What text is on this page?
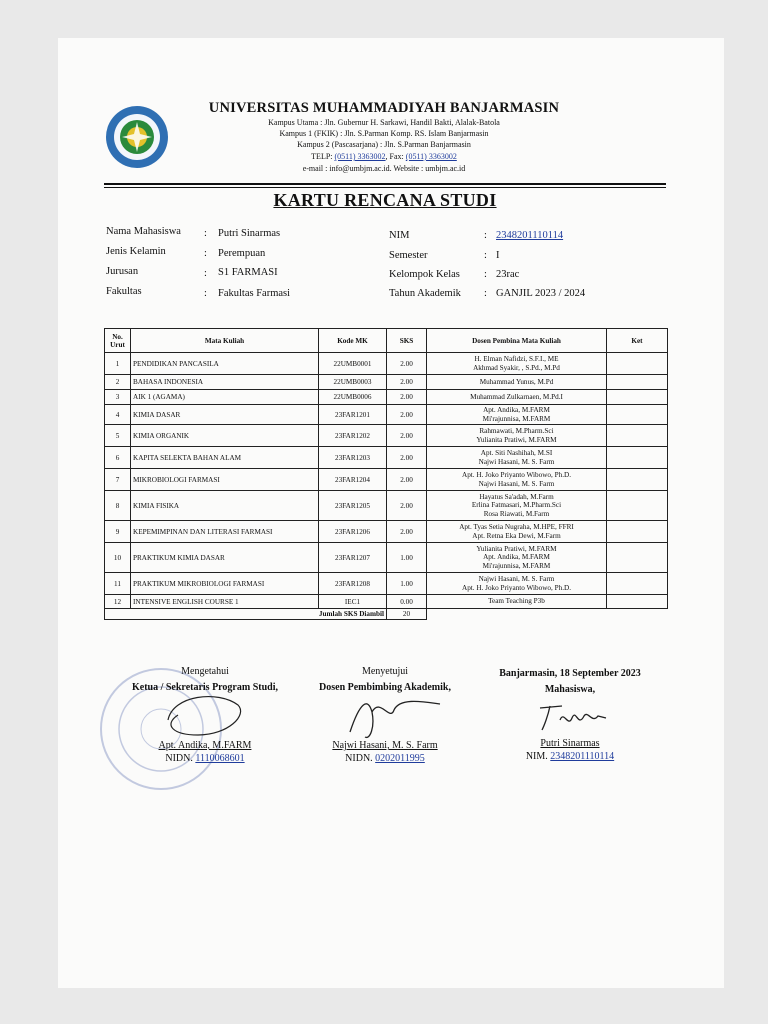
UNIVERSITAS MUHAMMADIYAH BANJARMASIN
Kampus Utama : Jln. Gubernur H. Sarkawi, Handil Bakti, Alalak-Batola
Kampus 1 (FKIK) : Jln. S.Parman Komp. RS. Islam Banjarmasin
Kampus 2 (Pascasarjana) : Jln. S.Parman Banjarmasin
TELP: (0511) 3363002, Fax: (0511) 3363002
e-mail : info@umbjm.ac.id. Website : umbjm.ac.id
KARTU RENCANA STUDI
Nama Mahasiswa : Putri Sinarmas
Jenis Kelamin	: Perempuan
Jurusan	: S1 FARMASI
Fakultas	: Fakultas Farmasi
NIM	: 2348201110114
Semester	: I
Kelompok Kelas : 23rac
Tahun Akademik : GANJIL 2023 / 2024
No. Urut	Mata Kuliah	Kode MK	SKS	Dosen Pembina Mata Kuliah	Ket
1	PENDIDIKAN PANCASILA	22UMB0001	2.00	H. Elman Nafidzi, S.F.I., ME
Akhmad Syakir, , S.Pd., M.Pd	

2	BAHASA INDONESIA	22UMB0003	2.00	Muhammad Yunus, M.Pd	

3	AIK 1 (AGAMA)	22UMB0006	2.00	Muhammad Zulkarnaen, M.Pd.I	

4	KIMIA DASAR	23FAR1201	2.00	Apt. Andika, M.FARM
Mi'rajunnisa, M.FARM	

5	KIMIA ORGANIK	23FAR1202	2.00	Rahmawati, M.Pharm.Sci
Yulianita Pratiwi, M.FARM	

6	KAPITA SELEKTA BAHAN ALAM	23FAR1203	2.00	Apt. Siti Nashihah, M.SI
Najwi Hasani, M. S. Farm	

7	MIKROBIOLOGI FARMASI	23FAR1204	2.00	Apt. H. Joko Priyanto Wibowo, Ph.D.
Najwi Hasani, M. S. Farm	

8	KIMIA FISIKA	23FAR1205	2.00	Hayatus Sa'adah, M.Farm
Erlina Fatmasari, M.Pharm.Sci
Rosa Riawati, M.Farm	

9	KEPEMIMPINAN DAN LITERASI FARMASI	23FAR1206	2.00	Apt. Tyas Setia Nugraha, M.HPE, FFRI
Apt. Retna Eka Dewi, M.Farm	

10	PRAKTIKUM KIMIA DASAR	23FAR1207	1.00	Yulianita Pratiwi, M.FARM
Apt. Andika, M.FARM
Mi'rajunnisa, M.FARM	

11	PRAKTIKUM MIKROBIOLOGI FARMASI	23FAR1208	1.00	Najwi Hasani, M. S. Farm
Apt. H. Joko Priyanto Wibowo, Ph.D.	

12	INTENSIVE ENGLISH COURSE 1	IEC1	0.00	Team Teaching P3b	

Jumlah SKS Diambil			20		
Mengetahui
Ketua / Sekretaris Program Studi,
Apt. Andika, M.FARM
NIDN. 1110068601
Menyetujui
Dosen Pembimbing Akademik,
Najwi Hasani, M. S. Farm
NIDN. 0202011995
Banjarmasin, 18 September 2023
Mahasiswa,
Putri Sinarmas
NIM. 2348201110114
